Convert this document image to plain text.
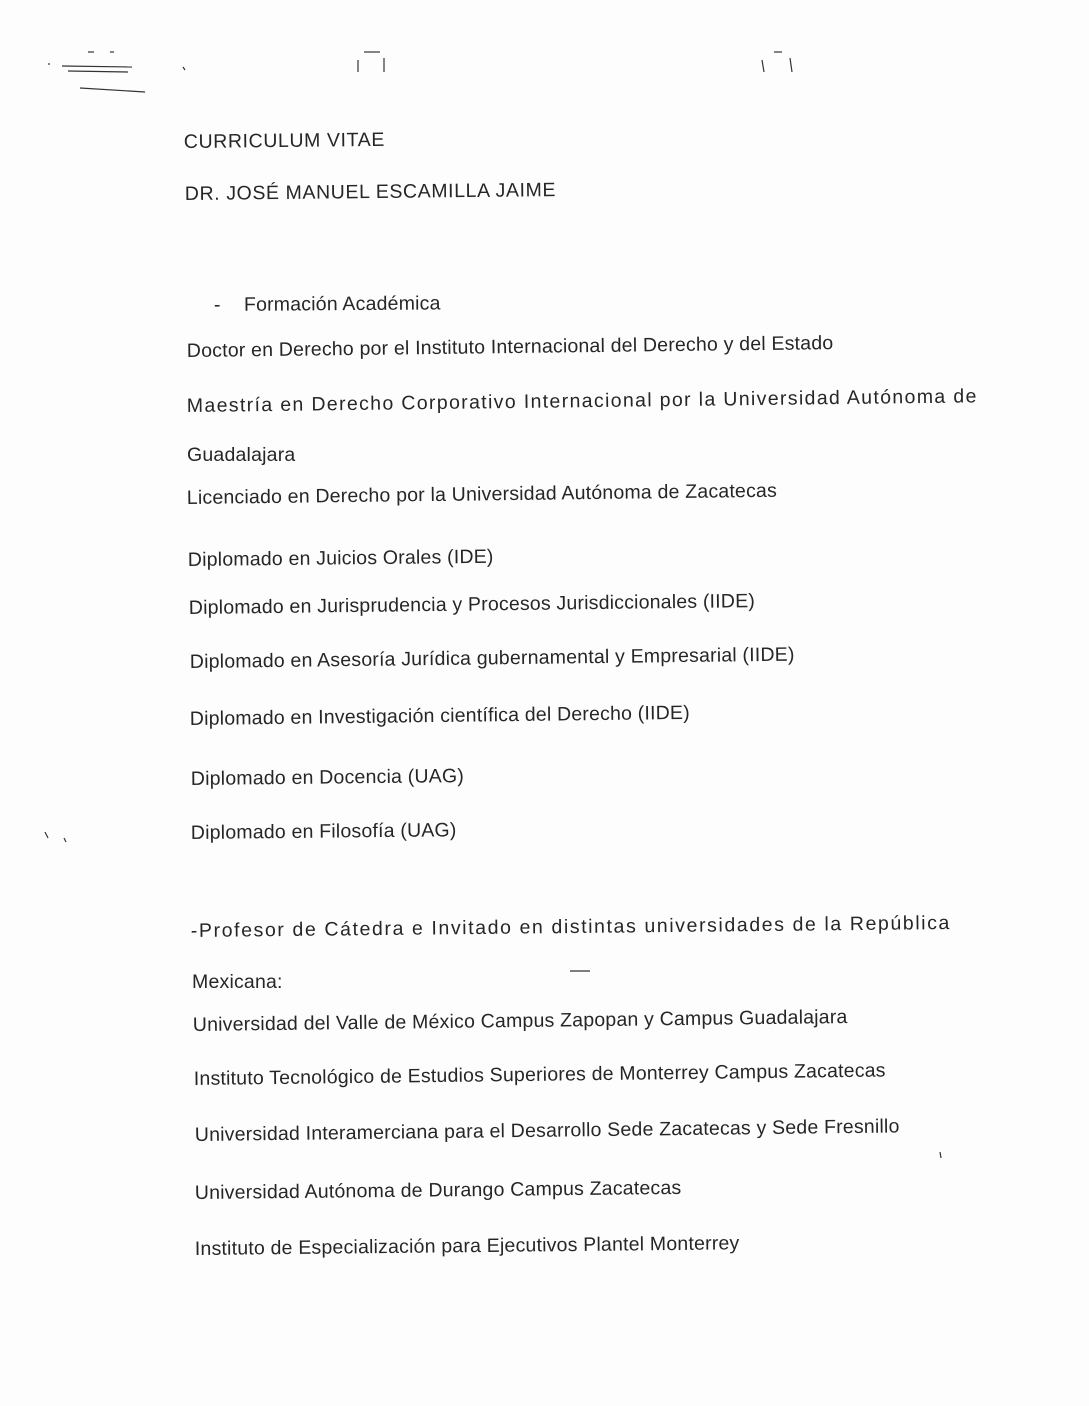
CURRICULUM VITAE
DR. JOSÉ MANUEL ESCAMILLA JAIME
- Formación Académica
Doctor en Derecho por el Instituto Internacional del Derecho y del Estado
Maestría en Derecho Corporativo Internacional por la Universidad Autónoma de
Guadalajara
Licenciado en Derecho por la Universidad Autónoma de Zacatecas
Diplomado en Juicios Orales (IDE)
Diplomado en Jurisprudencia y Procesos Jurisdiccionales (IIDE)
Diplomado en Asesoría Jurídica gubernamental y Empresarial (IIDE)
Diplomado en Investigación científica del Derecho (IIDE)
Diplomado en Docencia (UAG)
Diplomado en Filosofía (UAG)
-Profesor de Cátedra e Invitado en distintas universidades de la República
Mexicana:
Universidad del Valle de México Campus Zapopan y Campus Guadalajara
Instituto Tecnológico de Estudios Superiores de Monterrey Campus Zacatecas
Universidad Interamerciana para el Desarrollo Sede Zacatecas y Sede Fresnillo
Universidad Autónoma de Durango Campus Zacatecas
Instituto de Especialización para Ejecutivos Plantel Monterrey
